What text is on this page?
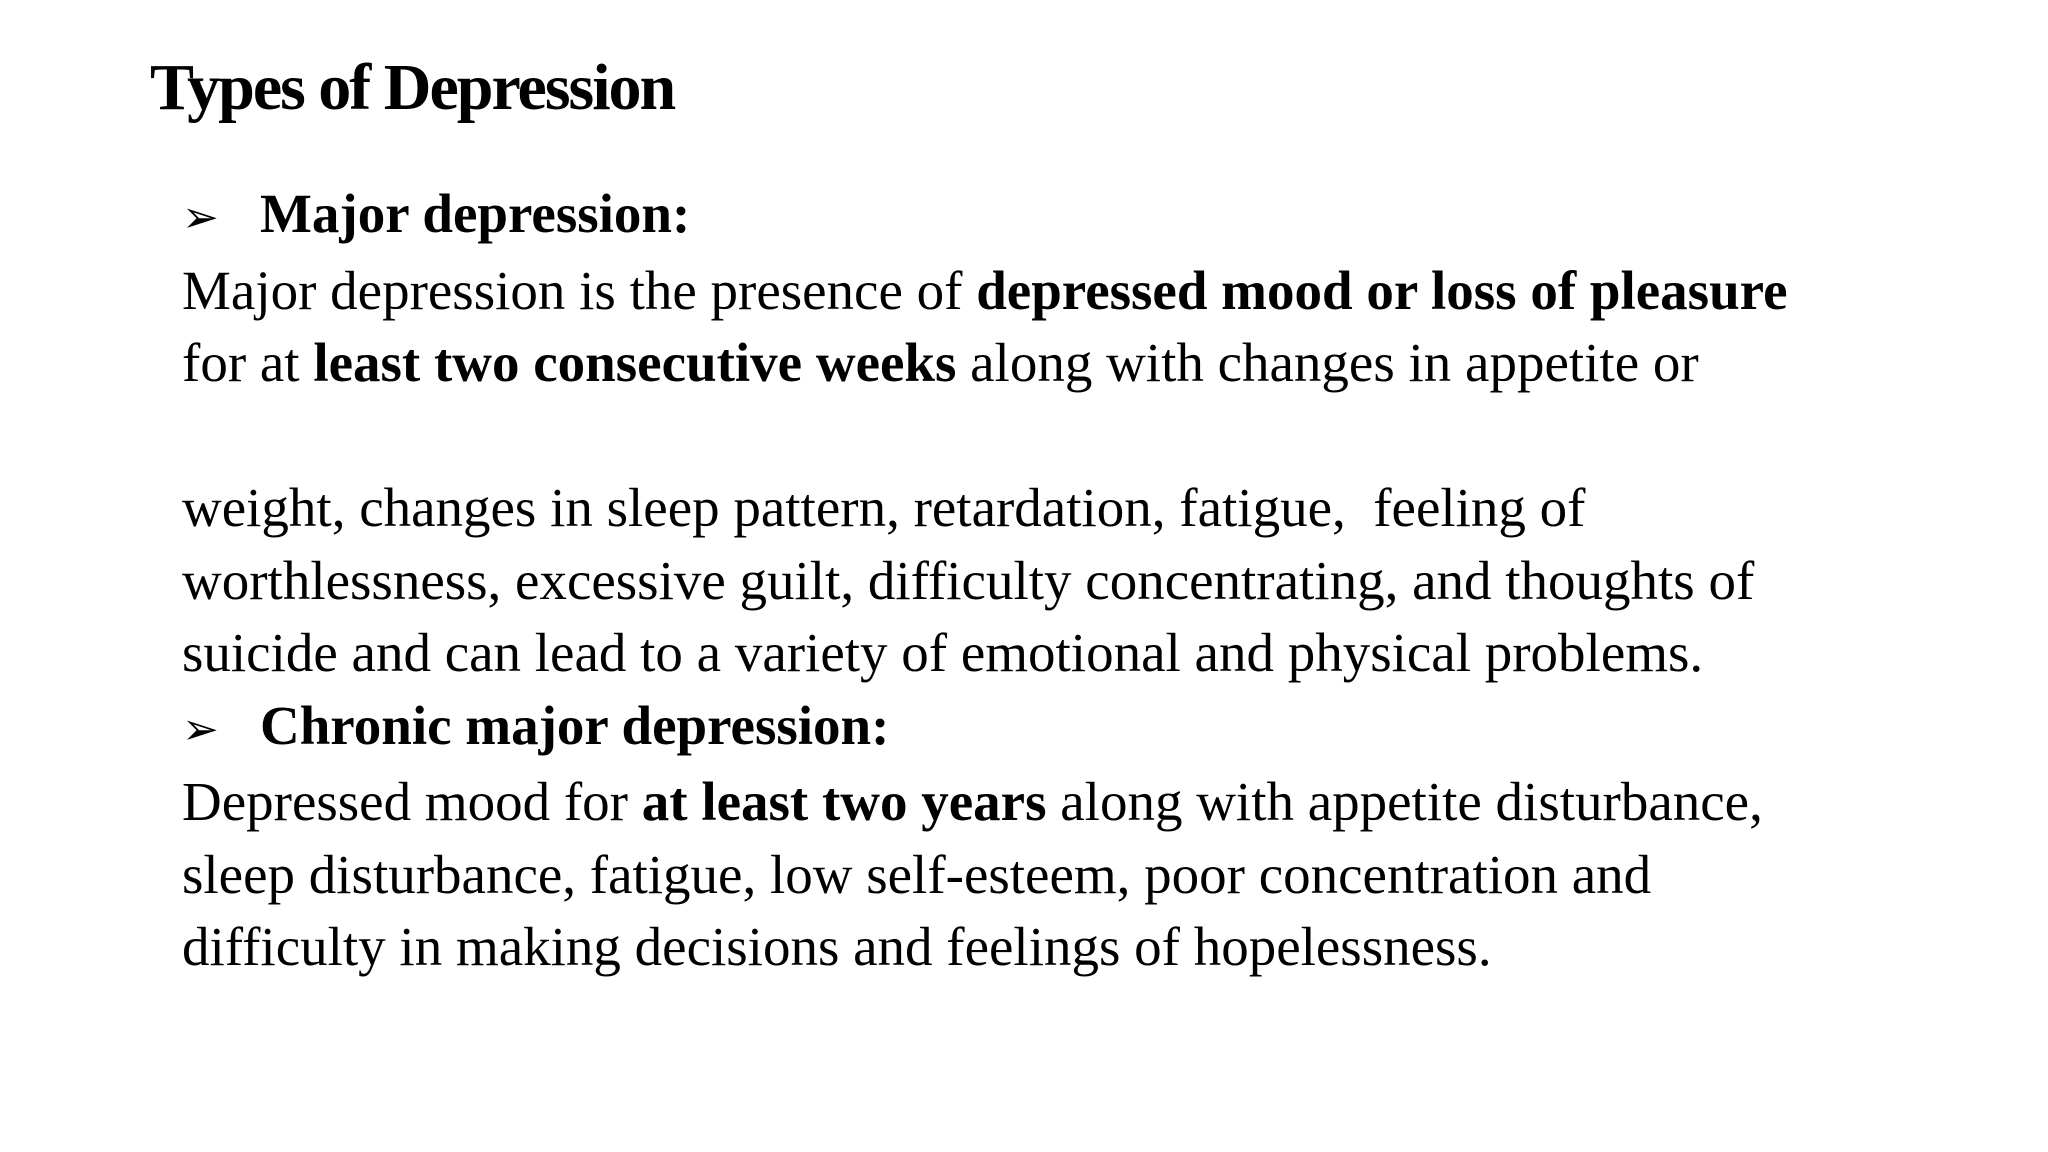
Types of Depression
➢ Major depression:
Major depression is the presence of depressed mood or loss of pleasure
for at least two consecutive weeks along with changes in appetite or

weight, changes in sleep pattern, retardation, fatigue,  feeling of
worthlessness, excessive guilt, difficulty concentrating, and thoughts of
suicide and can lead to a variety of emotional and physical problems.
➢ Chronic major depression:
Depressed mood for at least two years along with appetite disturbance,
sleep disturbance, fatigue, low self-esteem, poor concentration and
difficulty in making decisions and feelings of hopelessness.
